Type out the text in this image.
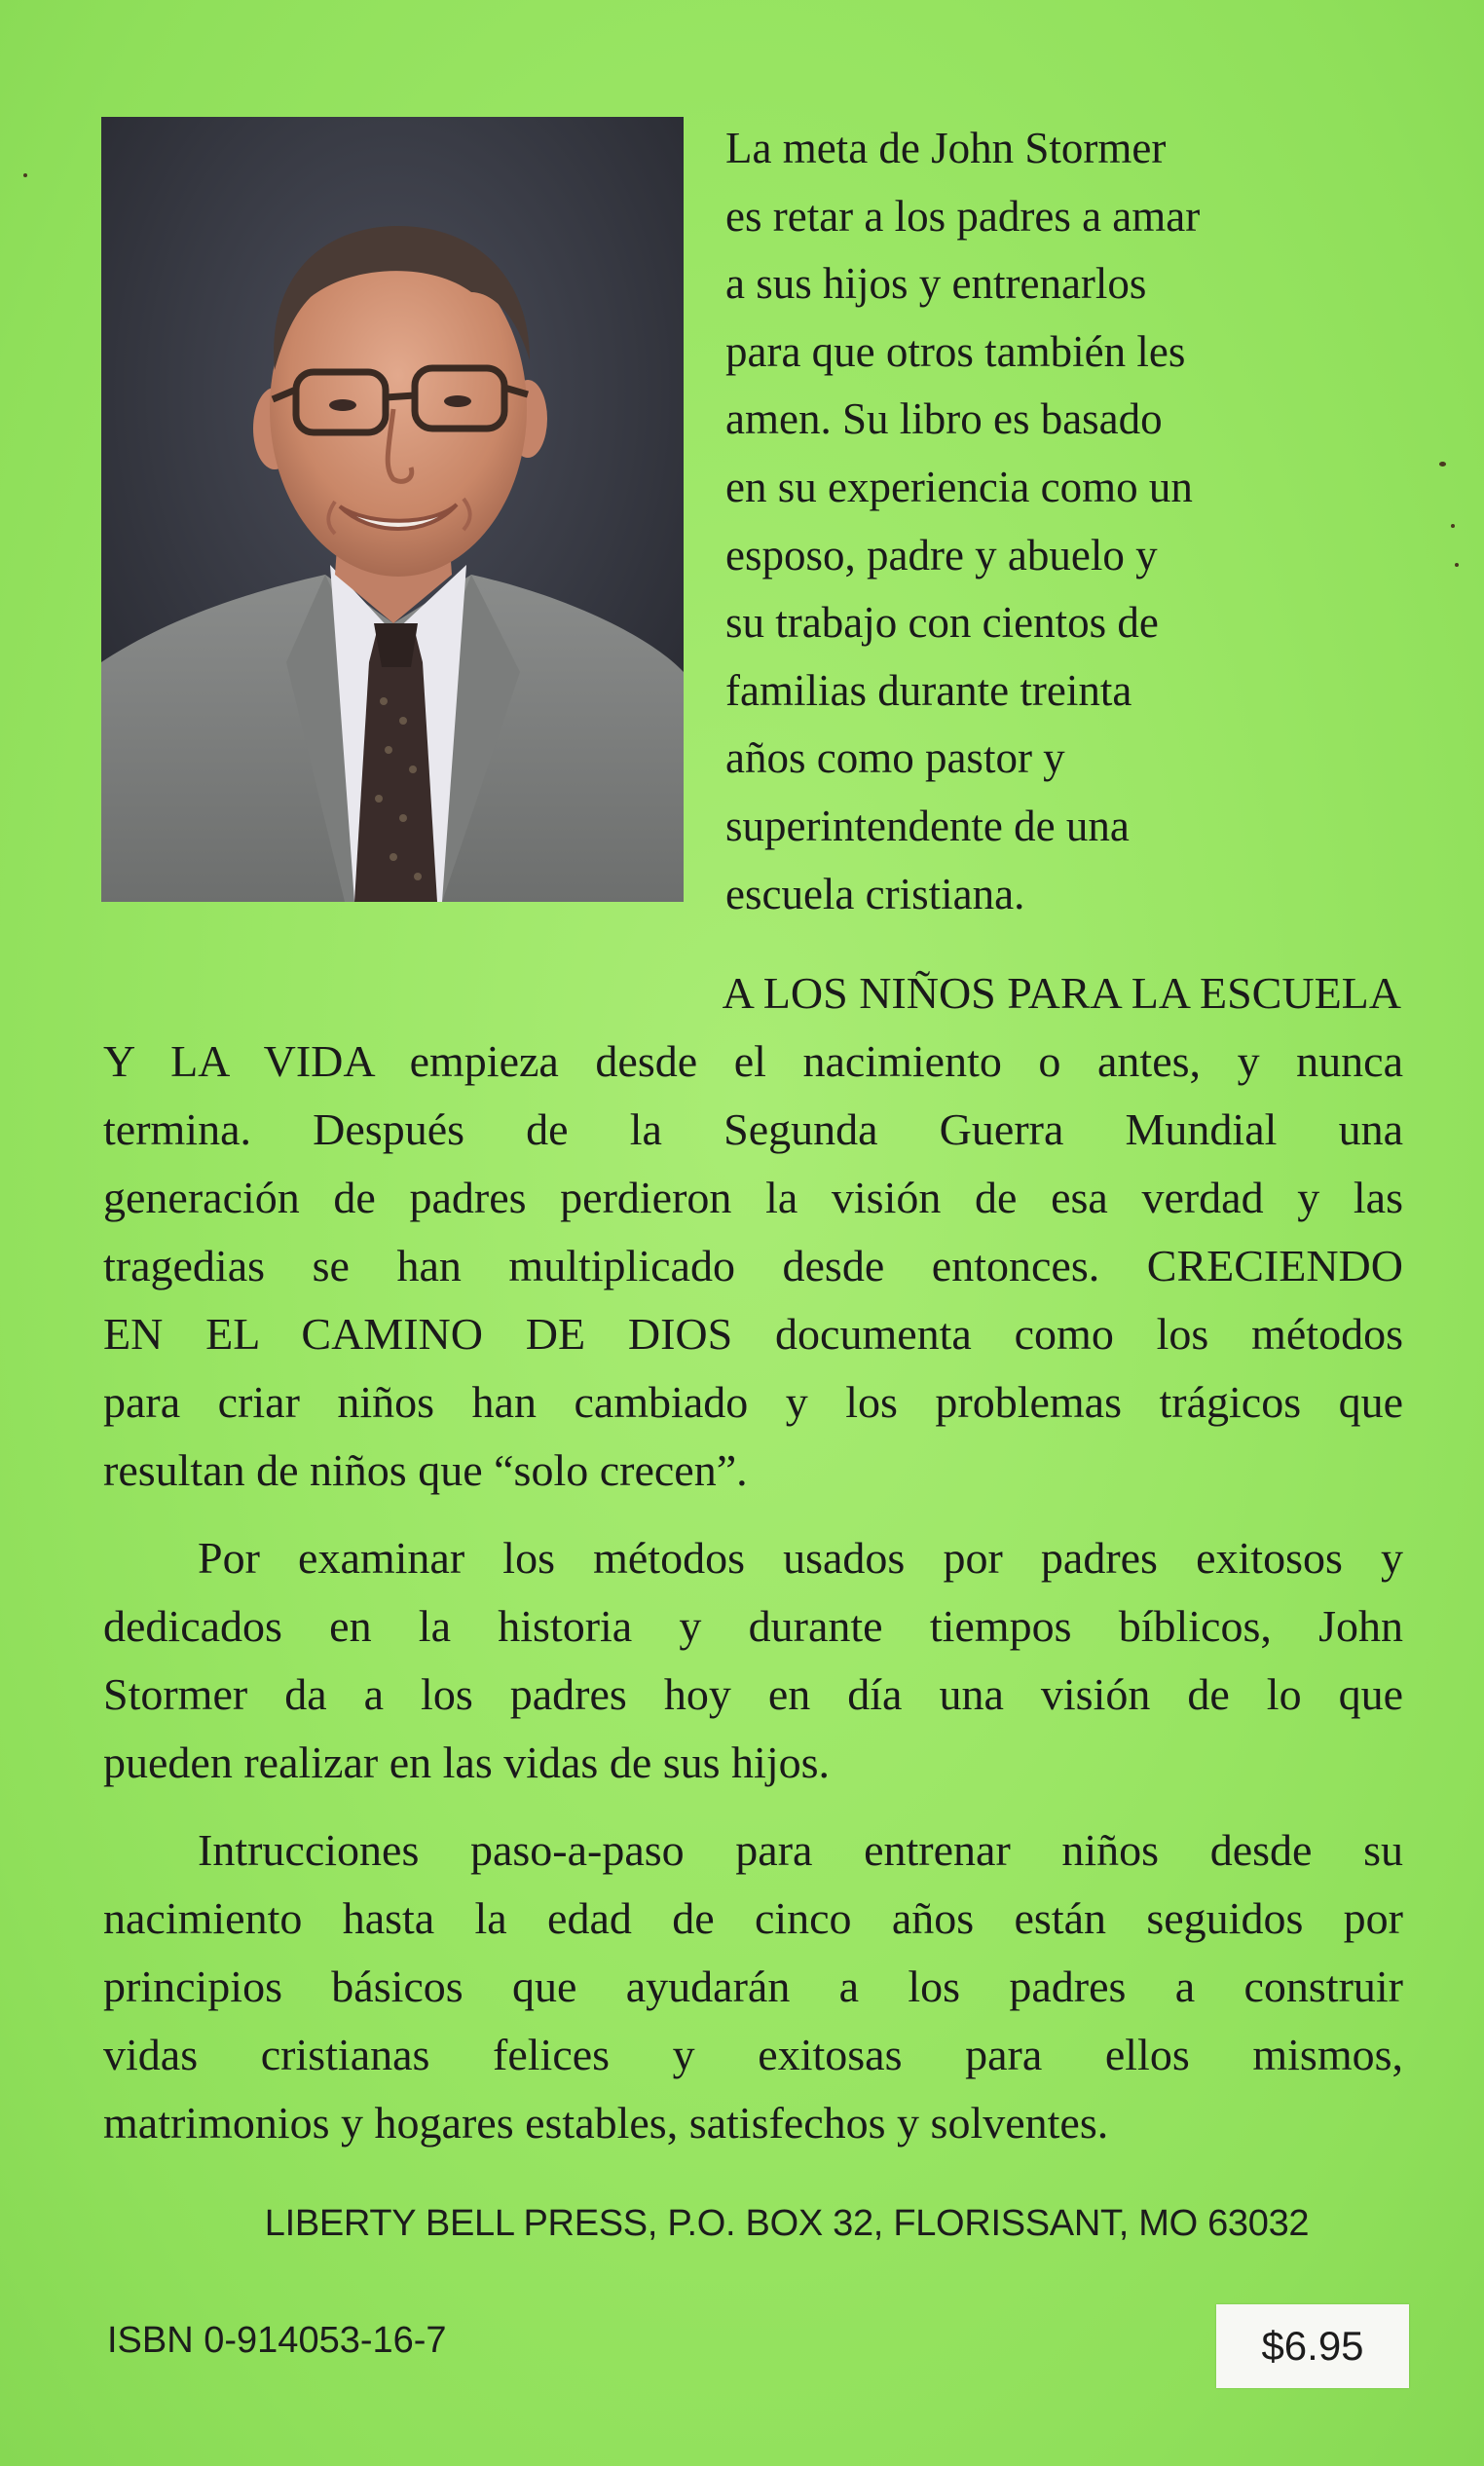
La meta de John Stormer
es retar a los padres a amar
a sus hijos y entrenarlos
para que otros también les
amen. Su libro es basado
en su experiencia como un
esposo, padre y abuelo y
su trabajo con cientos de
familias durante treinta
años como pastor y
superintendente de una
escuela cristiana.

A LOS NIÑOS PARA LA ESCUELA
Y LA VIDA empieza desde el nacimiento o antes, y nunca
termina. Después de la Segunda Guerra Mundial una
generación de padres perdieron la visión de esa verdad y las
tragedias se han multiplicado desde entonces. CRECIENDO
EN EL CAMINO DE DIOS documenta como los métodos
para criar niños han cambiado y los problemas trágicos que
resultan de niños que “solo crecen”.
Por examinar los métodos usados por padres exitosos y
dedicados en la historia y durante tiempos bíblicos, John
Stormer da a los padres hoy en día una visión de lo que
pueden realizar en las vidas de sus hijos.
Intrucciones paso-a-paso para entrenar niños desde su
nacimiento hasta la edad de cinco años están seguidos por
principios básicos que ayudarán a los padres a construir
vidas cristianas felices y exitosas para ellos mismos,
matrimonios y hogares estables, satisfechos y solventes.
LIBERTY BELL PRESS, P.O. BOX 32, FLORISSANT, MO 63032
ISBN 0-914053-16-7	$6.95
